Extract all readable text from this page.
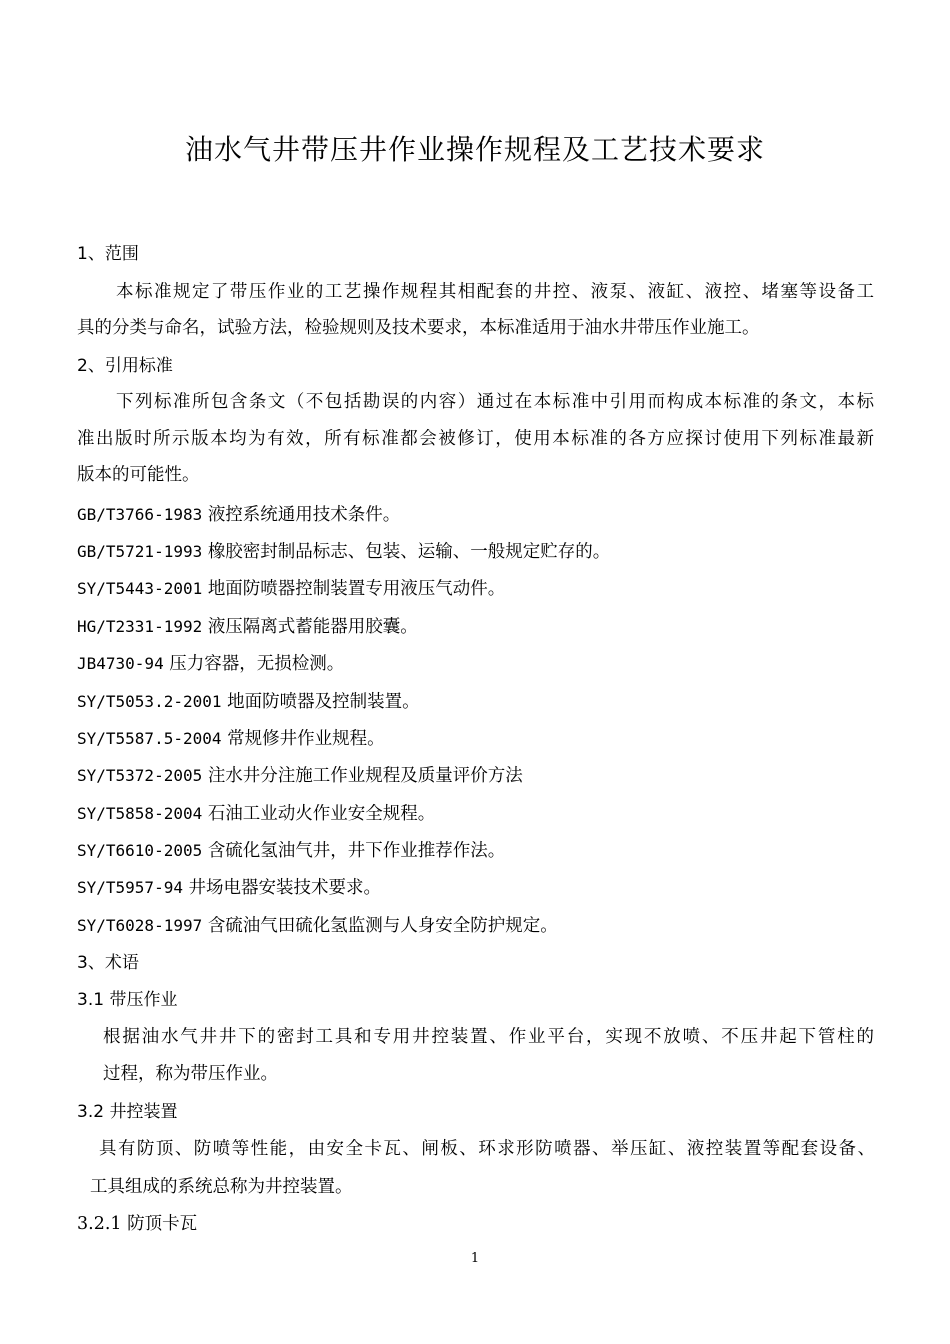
油水气井带压井作业操作规程及工艺技术要求
1、范围
本标准规定了带压作业的工艺操作规程其相配套的井控、液泵、液缸、液控、堵塞等设备工
具的分类与命名，试验方法，检验规则及技术要求，本标准适用于油水井带压作业施工。
2、引用标准
下列标准所包含条文（不包括勘误的内容）通过在本标准中引用而构成本标准的条文，本标
准出版时所示版本均为有效，所有标准都会被修订，使用本标准的各方应探讨使用下列标准最新
版本的可能性。
GB/T3766-1983 液控系统通用技术条件。
GB/T5721-1993 橡胶密封制品标志、包装、运输、一般规定贮存的。
SY/T5443-2001 地面防喷器控制装置专用液压气动件。
HG/T2331-1992 液压隔离式蓄能器用胶囊。
JB4730-94 压力容器，无损检测。
SY/T5053.2-2001 地面防喷器及控制装置。
SY/T5587.5-2004 常规修井作业规程。
SY/T5372-2005 注水井分注施工作业规程及质量评价方法
SY/T5858-2004 石油工业动火作业安全规程。
SY/T6610-2005 含硫化氢油气井，井下作业推荐作法。
SY/T5957-94 井场电器安装技术要求。
SY/T6028-1997 含硫油气田硫化氢监测与人身安全防护规定。
3、术语
3.1 带压作业
根据油水气井井下的密封工具和专用井控装置、作业平台，实现不放喷、不压井起下管柱的
过程，称为带压作业。
3.2 井控装置
具有防顶、防喷等性能，由安全卡瓦、闸板、环求形防喷器、举压缸、液控装置等配套设备、
工具组成的系统总称为井控装置。
3.2.1 防顶卡瓦
1
